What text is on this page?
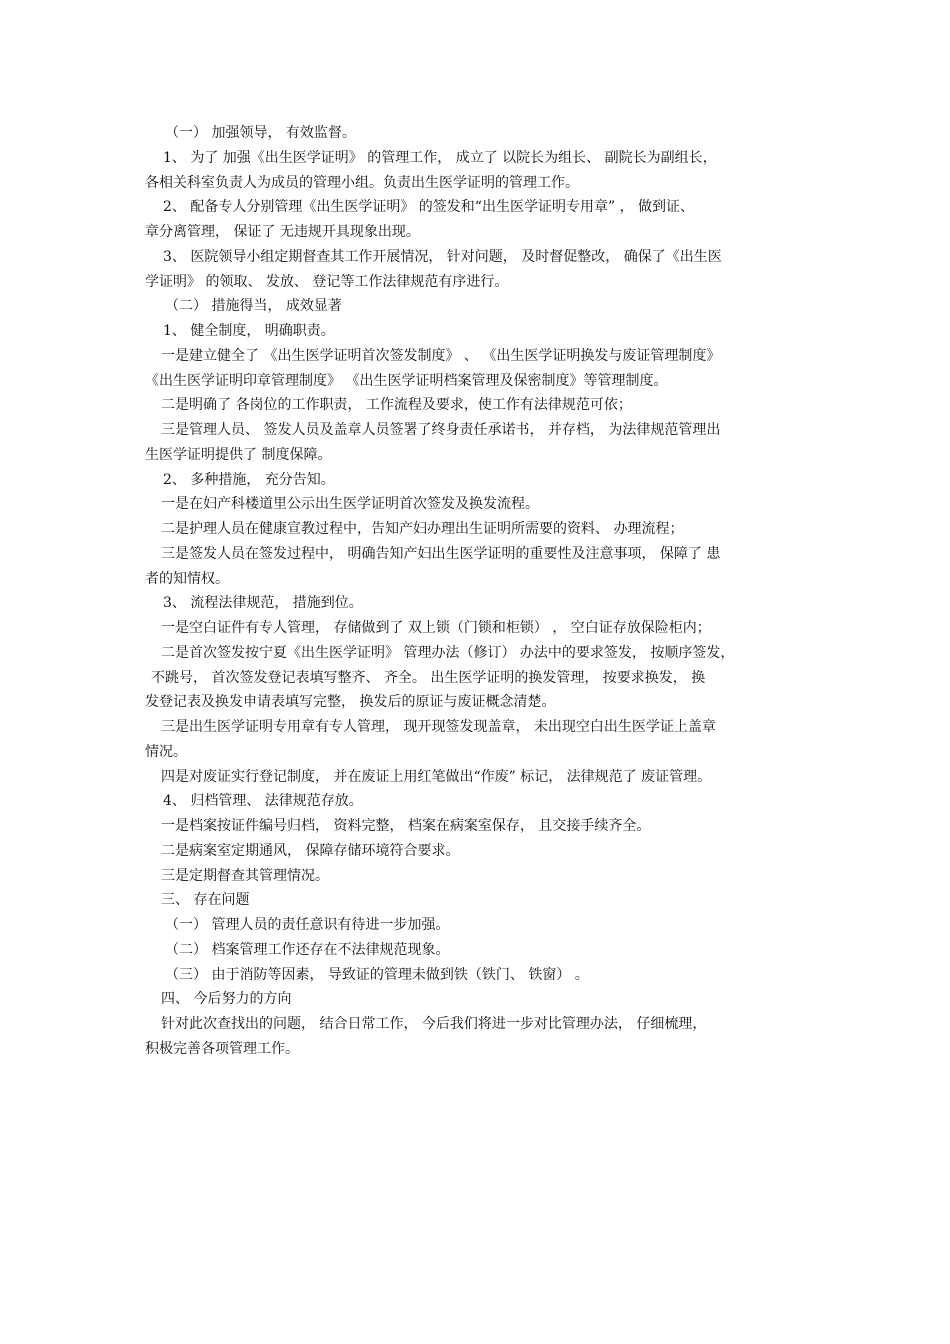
（一） 加强领导， 有效监督。
1、 为了 加强《出生医学证明》 的管理工作， 成立了 以院长为组长、 副院长为副组长，
各相关科室负责人为成员的管理小组。负责出生医学证明的管理工作。
2、 配备专人分别管理《出生医学证明》 的签发和“出生医学证明专用章” ， 做到证、
章分离管理， 保证了 无违规开具现象出现。
3、 医院领导小组定期督查其工作开展情况， 针对问题， 及时督促整改， 确保了《出生医
学证明》 的领取、 发放、 登记等工作法律规范有序进行。
（二） 措施得当， 成效显著
1、 健全制度， 明确职责。
一是建立健全了 《出生医学证明首次签发制度》 、 《出生医学证明换发与废证管理制度》
《出生医学证明印章管理制度》 《出生医学证明档案管理及保密制度》等管理制度。
二是明确了 各岗位的工作职责， 工作流程及要求，使工作有法律规范可依；
三是管理人员、 签发人员及盖章人员签署了终身责任承诺书， 并存档， 为法律规范管理出
生医学证明提供了 制度保障。
2、 多种措施， 充分告知。
一是在妇产科楼道里公示出生医学证明首次签发及换发流程。
二是护理人员在健康宣教过程中，告知产妇办理出生证明所需要的资料、 办理流程；
三是签发人员在签发过程中， 明确告知产妇出生医学证明的重要性及注意事项， 保障了 患
者的知情权。
3、 流程法律规范， 措施到位。
一是空白证件有专人管理， 存储做到了 双上锁（门锁和柜锁） ， 空白证存放保险柜内；
二是首次签发按宁夏《出生医学证明》 管理办法（修订） 办法中的要求签发， 按顺序签发，
不跳号， 首次签发登记表填写整齐、 齐全。 出生医学证明的换发管理， 按要求换发， 换
发登记表及换发申请表填写完整， 换发后的原证与废证概念清楚。
三是出生医学证明专用章有专人管理， 现开现签发现盖章， 未出现空白出生医学证上盖章
情况。
四是对废证实行登记制度， 并在废证上用红笔做出“作废” 标记， 法律规范了 废证管理。
4、 归档管理、 法律规范存放。
一是档案按证件编号归档， 资料完整， 档案在病案室保存， 且交接手续齐全。
二是病案室定期通风， 保障存储环境符合要求。
三是定期督查其管理情况。
三、 存在问题
（一） 管理人员的责任意识有待进一步加强。
（二） 档案管理工作还存在不法律规范现象。
（三） 由于消防等因素， 导致证的管理未做到铁（铁门、 铁窗） 。
四、 今后努力的方向
针对此次查找出的问题， 结合日常工作， 今后我们将进一步对比管理办法， 仔细梳理，
积极完善各项管理工作。
